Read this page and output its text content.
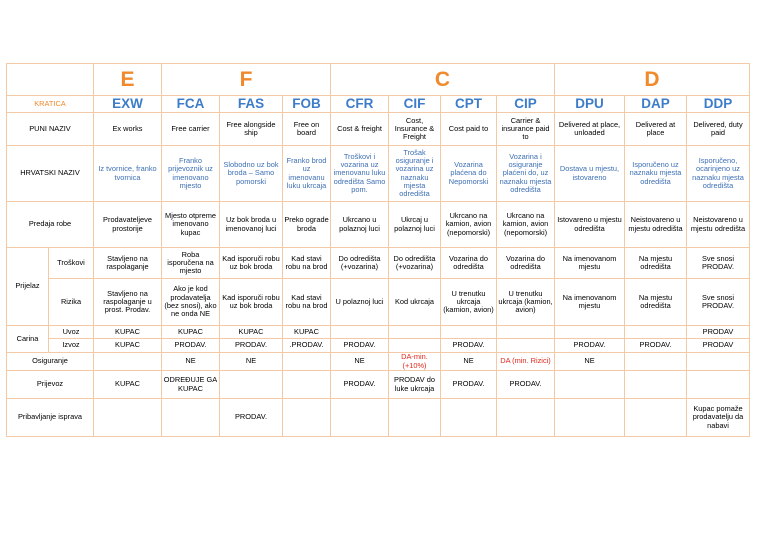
		E	F			C				D		
KRATICA		EXW	FCA	FAS	FOB	CFR	CIF	CPT	CIP	DPU	DAP	DDP
PUNI NAZIV		Ex works	Free carrier	Free alongside ship	Free on board	Cost & freight	Cost, Insurance & Freight	Cost paid to	Carrier & insurance paid to	Delivered at place, unloaded	Delivered at place	Delivered, duty paid
HRVATSKI NAZIV		Iz tvornice, franko tvornica	Franko prijevoznik uz imenovano mjesto	Slobodno uz bok broda – Samo pomorski	Franko brod uz imenovanu luku ukrcaja	Troškovi i vozarina uz imenovanu luku odredišta Samo pom.	Trošak osiguranje i vozarina uz naznaku mjesta odredišta	Vozarina plaćena do Nepomorski	Vozarina i osiguranje plaćeni do, uz naznaku mjesta odredišta	Dostava u mjestu, istovareno	Isporučeno uz naznaku mjesta odredišta	Isporučeno, ocarinjeno uz naznaku mjesta odredišta
Predaja robe		Prodavateljeve prostorije	Mjesto otpreme imenovano kupac	Uz bok broda u imenovanoj luci	Preko ograde broda	Ukrcano u polaznoj luci	Ukrcaj u polaznoj luci	Ukrcano na kamion, avion (nepomorski)	Ukrcano na kamion, avion (nepomorski)	Istovareno u mjestu odredišta	Neistovareno u mjestu odredišta	Neistovareno u mjestu odredišta
Prijelaz	Troškovi	Stavljeno na raspolaganje	Roba isporučena na mjesto	Kad isporuči robu uz bok broda	Kad stavi robu na brod	Do odredišta (+vozarina)	Do odredišta (+vozarina)	Vozarina do odredišta	Vozarina do odredišta	Na imenovanom mjestu	Na mjestu odredišta	Sve snosi PRODAV.
	Rizika	Stavljeno na raspolaganje u prost. Prodav.	Ako je kod prodavatelja (bez snosi), ako ne onda NE	Kad isporuči robu uz bok broda	Kad stavi robu na brod	U polaznoj luci	Kod ukrcaja	U trenutku ukrcaja (kamion, avion)	U trenutku ukrcaja (kamion, avion)	Na imenovanom mjestu	Na mjestu odredišta	Sve snosi PRODAV.
Carina	Uvoz	KUPAC	KUPAC	KUPAC	KUPAC							PRODAV
	Izvoz	KUPAC	PRODAV.	PRODAV.	.PRODAV.	PRODAV.		PRODAV.		PRODAV.	PRODAV.	PRODAV
Osiguranje			NE	NE		NE	DA-min. (+10%)	NE	DA (min. Rizici)	NE		
Prijevoz		KUPAC	ODREĐUJE GA KUPAC			PRODAV.	PRODAV do luke ukrcaja	PRODAV.	PRODAV.			
Pribavljanje isprava				PRODAV.								Kupac pomaže prodavatelju da nabavi
